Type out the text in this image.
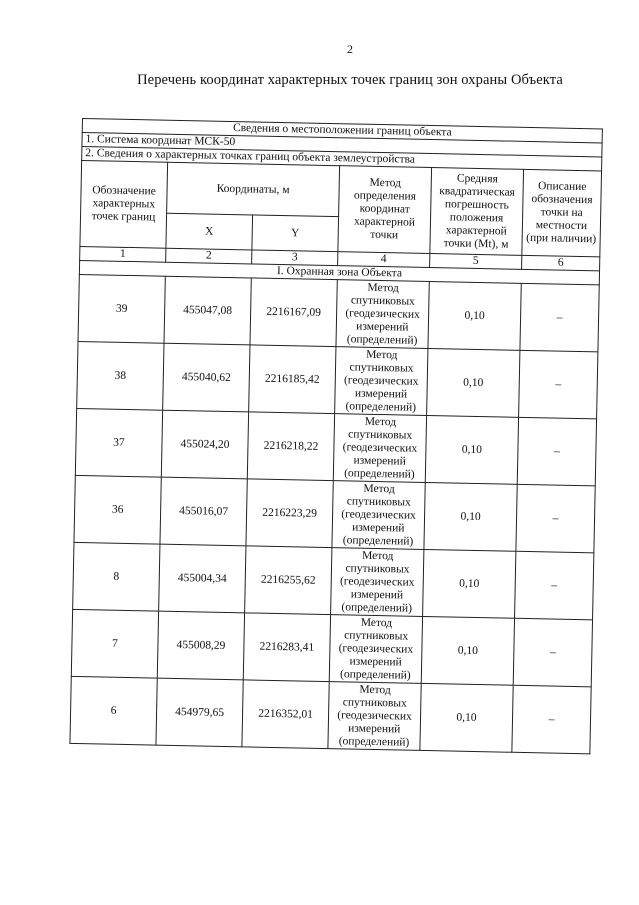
2
Перечень координат характерных точек границ зон охраны Объекта
Сведения о местоположении границ объекта					
1. Система координат МСК-50					
2. Сведения о характерных точках границ объекта землеустройства					
Обозначение характерных точек границ	Координаты, м		Метод определения координат характерной точки	Средняя квадратическая погрешность положения характерной точки (Mt), м	Описание обозначения точки на местности (при наличии)
	X	Y			
1	2	3	4	5	6
I. Охранная зона Объекта					
39	455047,08	2216167,09	Метод спутниковых (геодезических измерений (определений)	0,10	–
38	455040,62	2216185,42	Метод спутниковых (геодезических измерений (определений)	0,10	–
37	455024,20	2216218,22	Метод спутниковых (геодезических измерений (определений)	0,10	–
36	455016,07	2216223,29	Метод спутниковых (геодезических измерений (определений)	0,10	–
8	455004,34	2216255,62	Метод спутниковых (геодезических измерений (определений)	0,10	–
7	455008,29	2216283,41	Метод спутниковых (геодезических измерений (определений)	0,10	–
6	454979,65	2216352,01	Метод спутниковых (геодезических измерений (определений)	0,10	–
